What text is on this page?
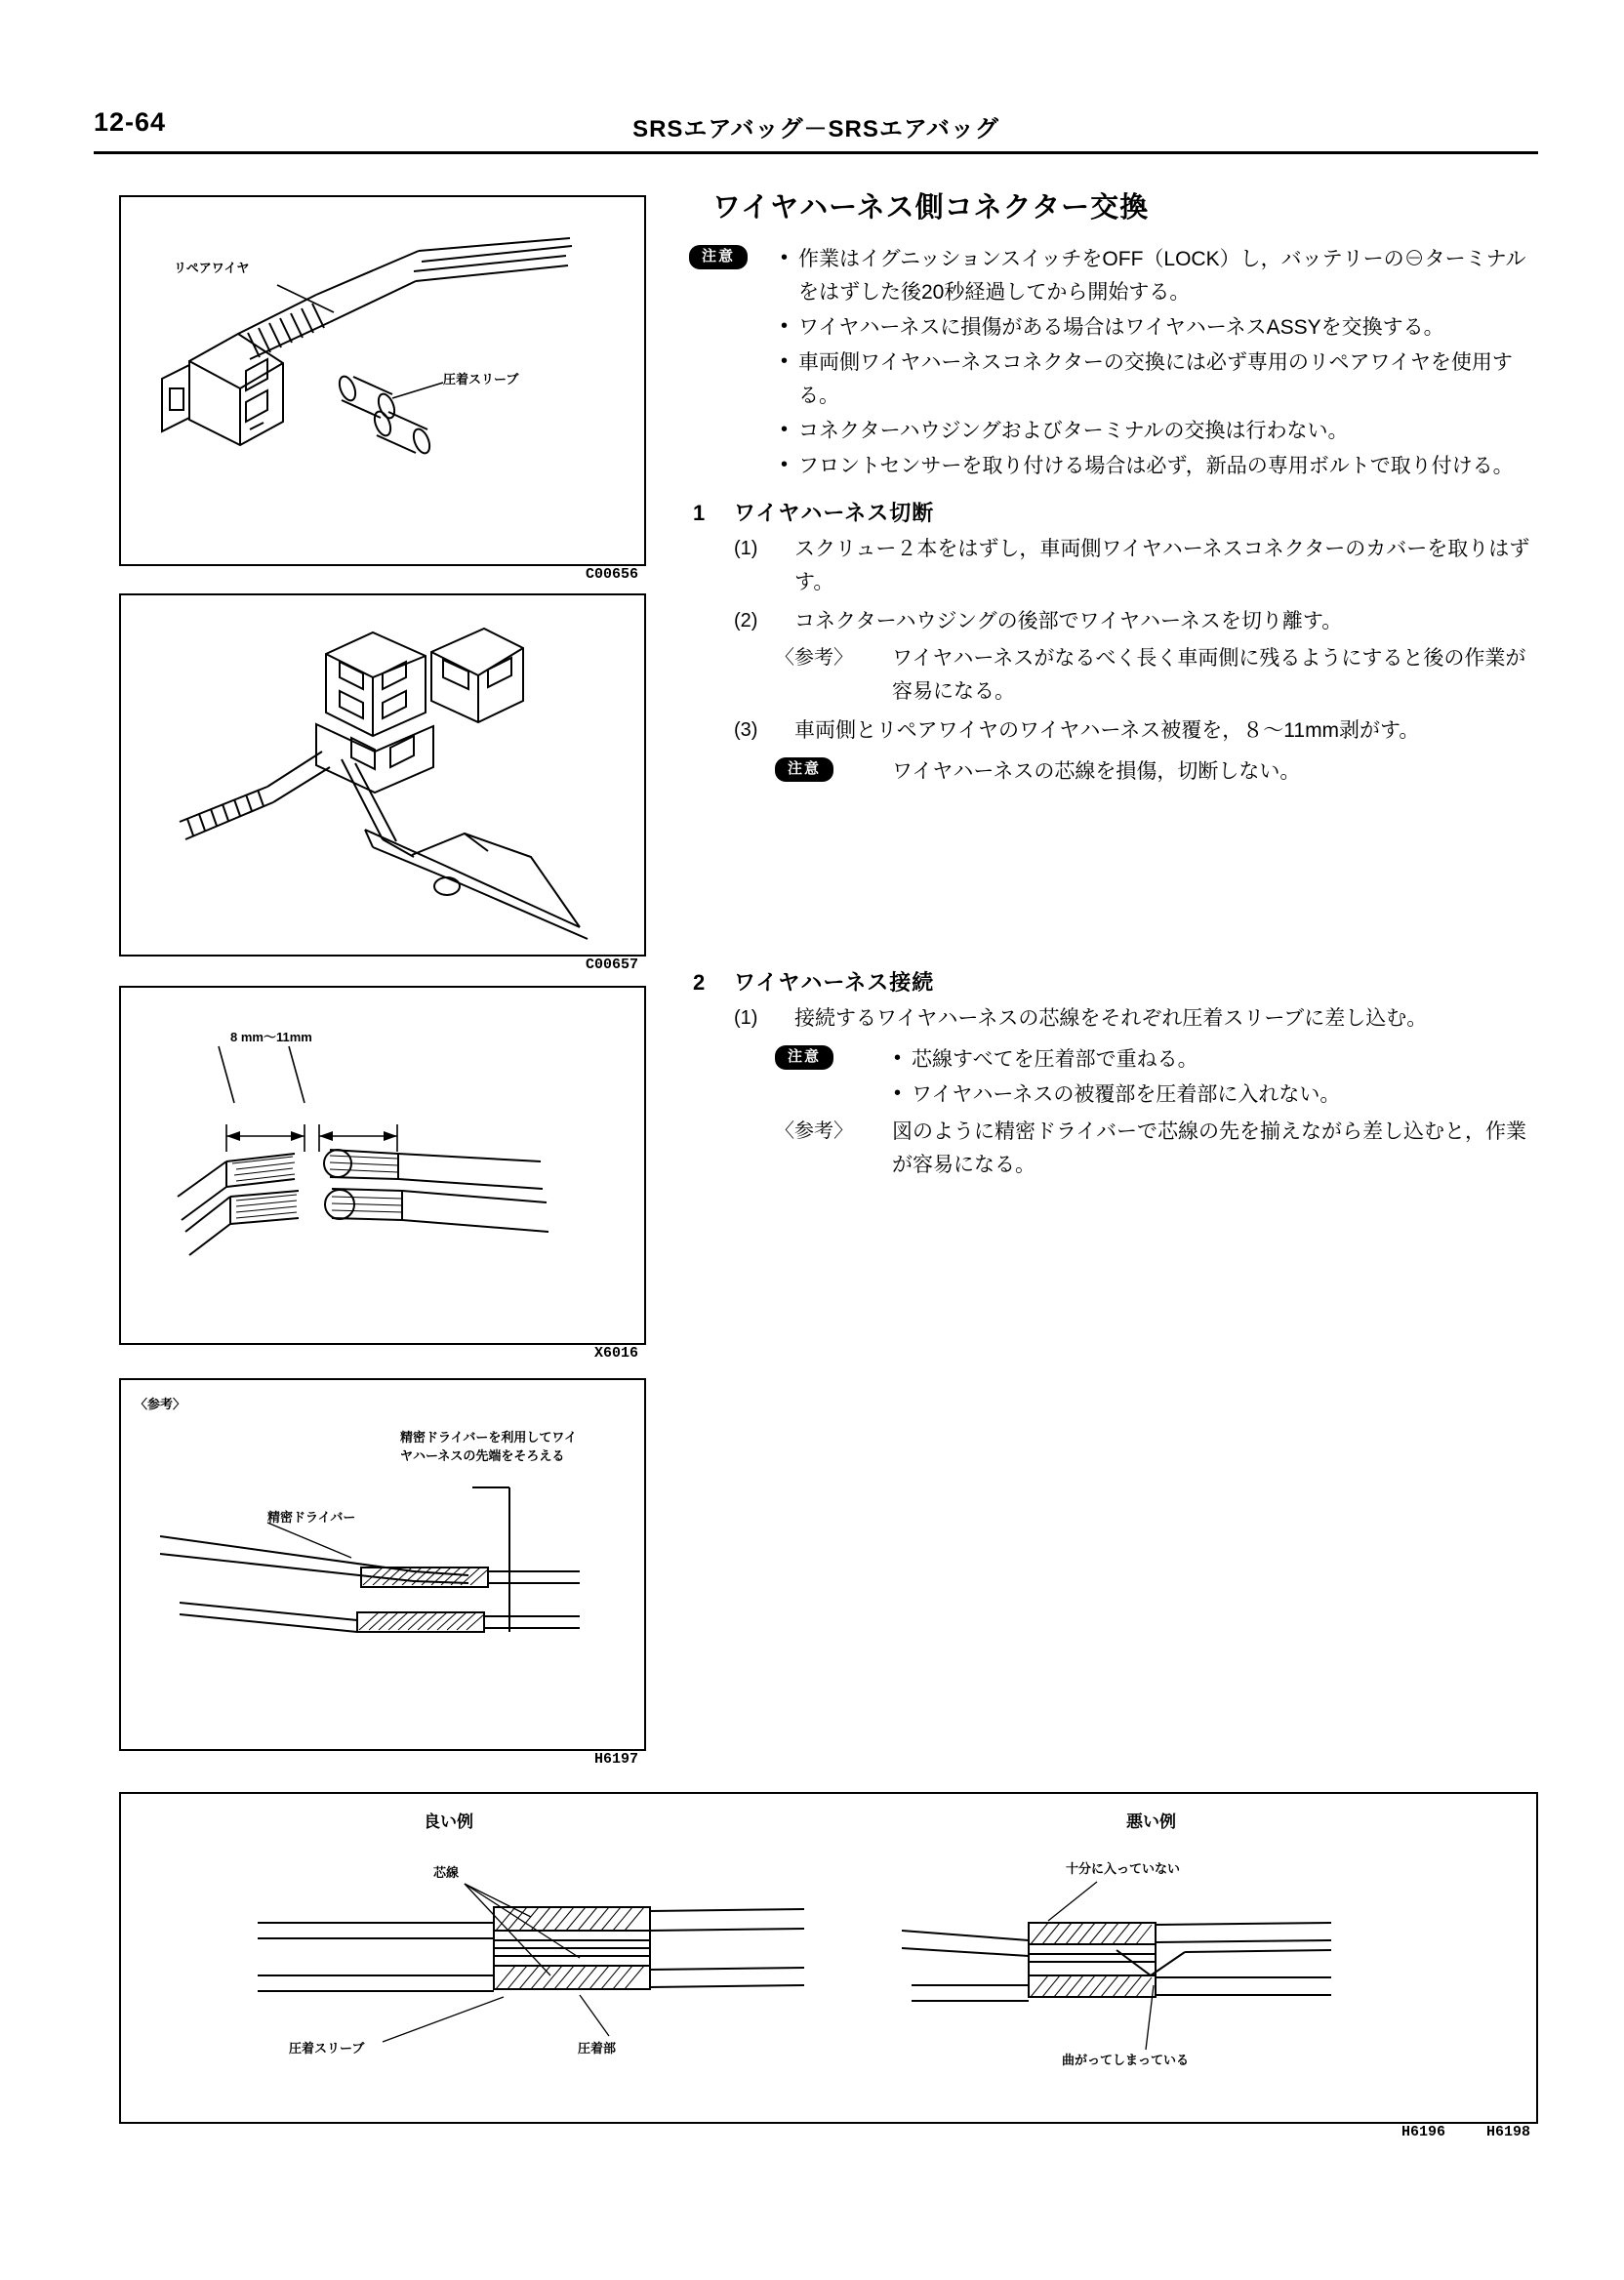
12-64	SRSエアバッグ－SRSエアバッグ
リペアワイヤ
圧着スリーブ
C00656
C00657
8 mm～11mm
X6016
〈参考〉
精密ドライバーを利用してワイヤハーネスの先端をそろえる
精密ドライバー
H6197
良い例	悪い例
芯線
圧着スリーブ	圧着部
十分に入っていない
曲がってしまっている
H6196	H6198
ワイヤハーネス側コネクター交換
注意	• 作業はイグニッションスイッチをOFF（LOCK）し，バッテリーの⊖ターミナルをはずした後20秒経過してから開始する。
• ワイヤハーネスに損傷がある場合はワイヤハーネスASSYを交換する。
• 車両側ワイヤハーネスコネクターの交換には必ず専用のリペアワイヤを使用する。
• コネクターハウジングおよびターミナルの交換は行わない。
• フロントセンサーを取り付ける場合は必ず，新品の専用ボルトで取り付ける。
1 ワイヤハーネス切断
(1)	スクリュー２本をはずし，車両側ワイヤハーネスコネクターのカバーを取りはずす。
(2)	コネクターハウジングの後部でワイヤハーネスを切り離す。
〈参考〉 ワイヤハーネスがなるべく長く車両側に残るようにすると後の作業が容易になる。
(3)	車両側とリペアワイヤのワイヤハーネス被覆を，８～11mm剥がす。
注意	ワイヤハーネスの芯線を損傷，切断しない。
2 ワイヤハーネス接続
(1)	接続するワイヤハーネスの芯線をそれぞれ圧着スリーブに差し込む。
注意	• 芯線すべてを圧着部で重ねる。
• ワイヤハーネスの被覆部を圧着部に入れない。
〈参考〉 図のように精密ドライバーで芯線の先を揃えながら差し込むと，作業が容易になる。
